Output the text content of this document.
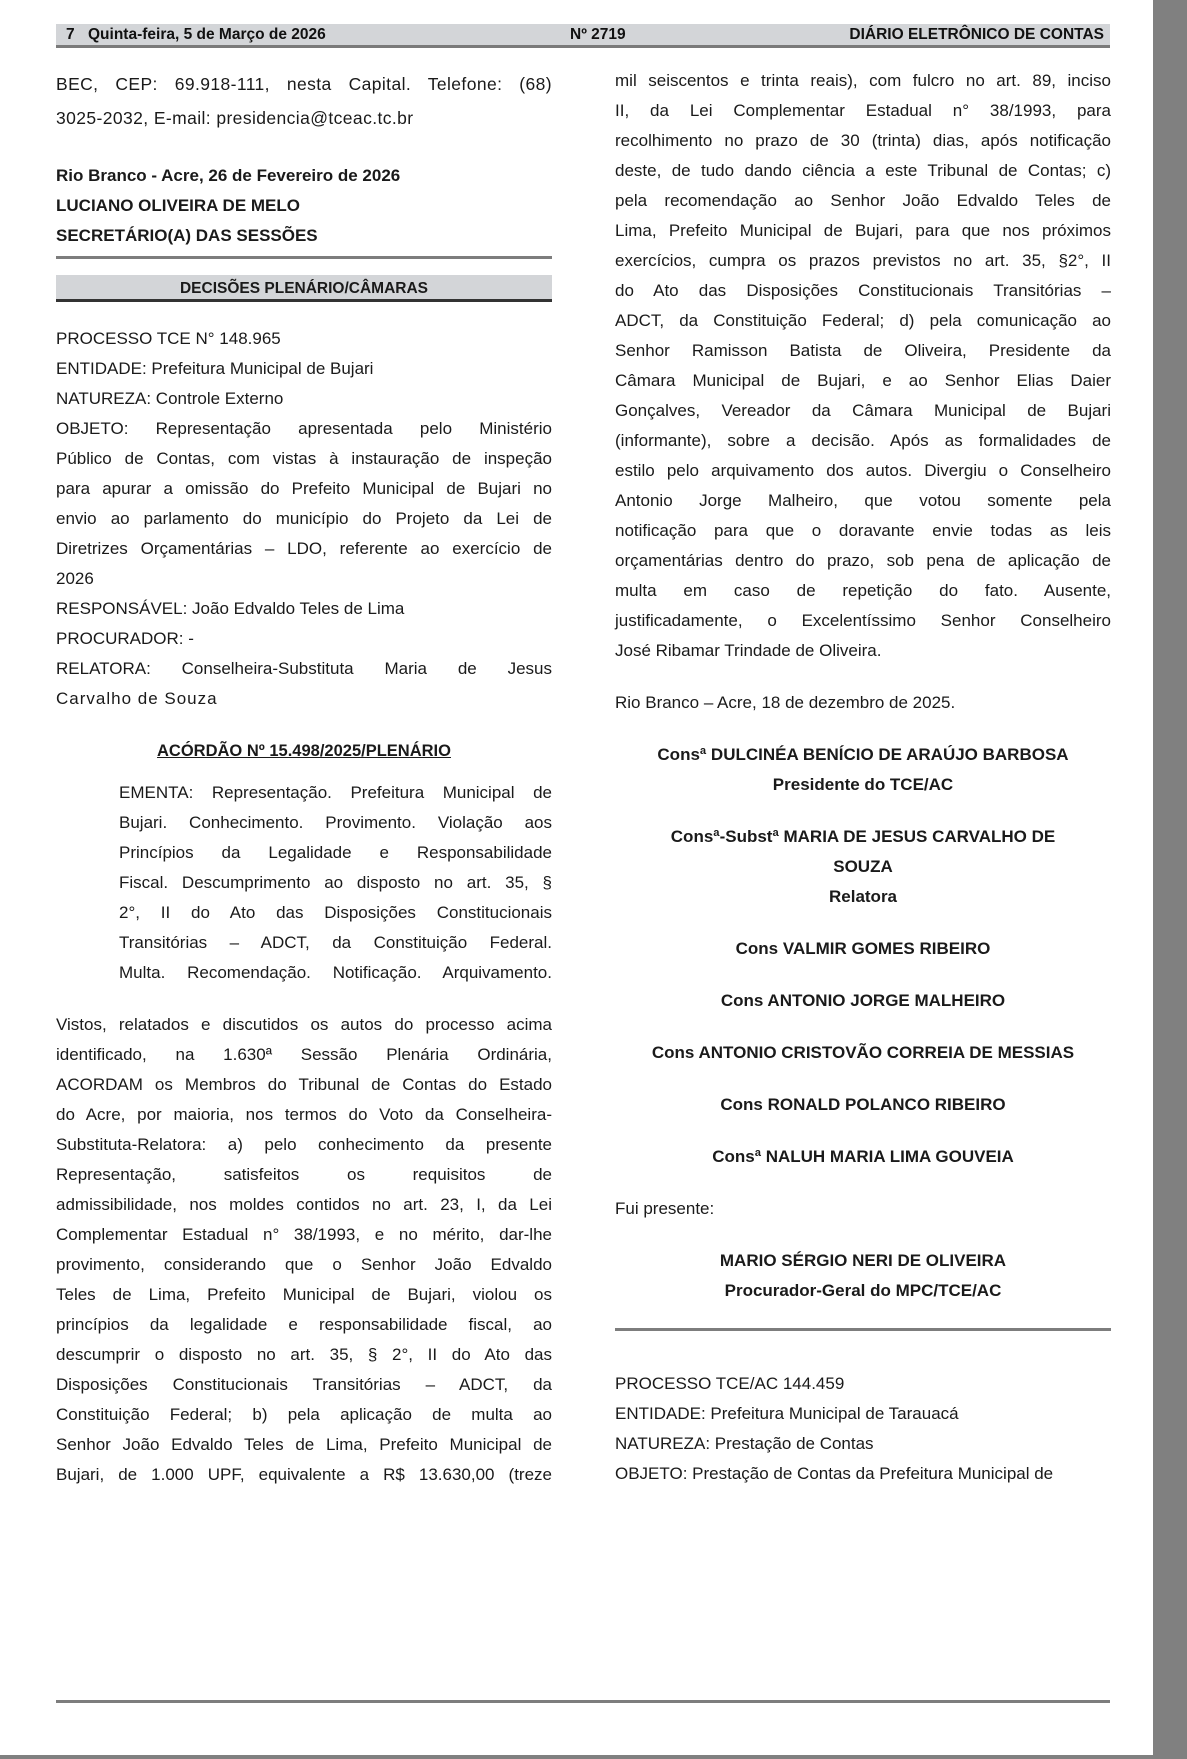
7 Quinta-feira, 5 de Março de 2026	Nº 2719	DIÁRIO ELETRÔNICO DE CONTAS
BEC, CEP: 69.918-111, nesta Capital. Telefone: (68)
3025-2032, E-mail: presidencia@tceac.tc.br
Rio Branco - Acre, 26 de Fevereiro de 2026
LUCIANO OLIVEIRA DE MELO
SECRETÁRIO(A) DAS SESSÕES
DECISÕES PLENÁRIO/CÂMARAS
PROCESSO TCE N° 148.965
ENTIDADE: Prefeitura Municipal de Bujari
NATUREZA: Controle Externo
OBJETO: Representação apresentada pelo Ministério
Público de Contas, com vistas à instauração de inspeção
para apurar a omissão do Prefeito Municipal de Bujari no
envio ao parlamento do município do Projeto da Lei de
Diretrizes Orçamentárias – LDO, referente ao exercício de
2026
RESPONSÁVEL: João Edvaldo Teles de Lima
PROCURADOR: -
RELATORA: Conselheira-Substituta Maria de Jesus
Carvalho de Souza
ACÓRDÃO Nº 15.498/2025/PLENÁRIO
EMENTA: Representação. Prefeitura Municipal de
Bujari. Conhecimento. Provimento. Violação aos
Princípios da Legalidade e Responsabilidade
Fiscal. Descumprimento ao disposto no art. 35, §
2°, II do Ato das Disposições Constitucionais
Transitórias – ADCT, da Constituição Federal.
Multa. Recomendação. Notificação. Arquivamento.
Vistos, relatados e discutidos os autos do processo acima
identificado, na 1.630ª Sessão Plenária Ordinária,
ACORDAM os Membros do Tribunal de Contas do Estado
do Acre, por maioria, nos termos do Voto da Conselheira-
Substituta-Relatora: a) pelo conhecimento da presente
Representação, satisfeitos os requisitos de
admissibilidade, nos moldes contidos no art. 23, I, da Lei
Complementar Estadual n° 38/1993, e no mérito, dar-lhe
provimento, considerando que o Senhor João Edvaldo
Teles de Lima, Prefeito Municipal de Bujari, violou os
princípios da legalidade e responsabilidade fiscal, ao
descumprir o disposto no art. 35, § 2°, II do Ato das
Disposições Constitucionais Transitórias – ADCT, da
Constituição Federal; b) pela aplicação de multa ao
Senhor João Edvaldo Teles de Lima, Prefeito Municipal de
Bujari, de 1.000 UPF, equivalente a R$ 13.630,00 (treze
mil seiscentos e trinta reais), com fulcro no art. 89, inciso
II, da Lei Complementar Estadual n° 38/1993, para
recolhimento no prazo de 30 (trinta) dias, após notificação
deste, de tudo dando ciência a este Tribunal de Contas; c)
pela recomendação ao Senhor João Edvaldo Teles de
Lima, Prefeito Municipal de Bujari, para que nos próximos
exercícios, cumpra os prazos previstos no art. 35, §2°, II
do Ato das Disposições Constitucionais Transitórias –
ADCT, da Constituição Federal; d) pela comunicação ao
Senhor Ramisson Batista de Oliveira, Presidente da
Câmara Municipal de Bujari, e ao Senhor Elias Daier
Gonçalves, Vereador da Câmara Municipal de Bujari
(informante), sobre a decisão. Após as formalidades de
estilo pelo arquivamento dos autos. Divergiu o Conselheiro
Antonio Jorge Malheiro, que votou somente pela
notificação para que o doravante envie todas as leis
orçamentárias dentro do prazo, sob pena de aplicação de
multa em caso de repetição do fato. Ausente,
justificadamente, o Excelentíssimo Senhor Conselheiro
José Ribamar Trindade de Oliveira.
Rio Branco – Acre, 18 de dezembro de 2025.
Consª DULCINÉA BENÍCIO DE ARAÚJO BARBOSA
Presidente do TCE/AC
Consª-Substª MARIA DE JESUS CARVALHO DE
SOUZA
Relatora
Cons VALMIR GOMES RIBEIRO
Cons ANTONIO JORGE MALHEIRO
Cons ANTONIO CRISTOVÃO CORREIA DE MESSIAS
Cons RONALD POLANCO RIBEIRO
Consª NALUH MARIA LIMA GOUVEIA
Fui presente:
MARIO SÉRGIO NERI DE OLIVEIRA
Procurador-Geral do MPC/TCE/AC
PROCESSO TCE/AC 144.459
ENTIDADE: Prefeitura Municipal de Tarauacá
NATUREZA: Prestação de Contas
OBJETO: Prestação de Contas da Prefeitura Municipal de
